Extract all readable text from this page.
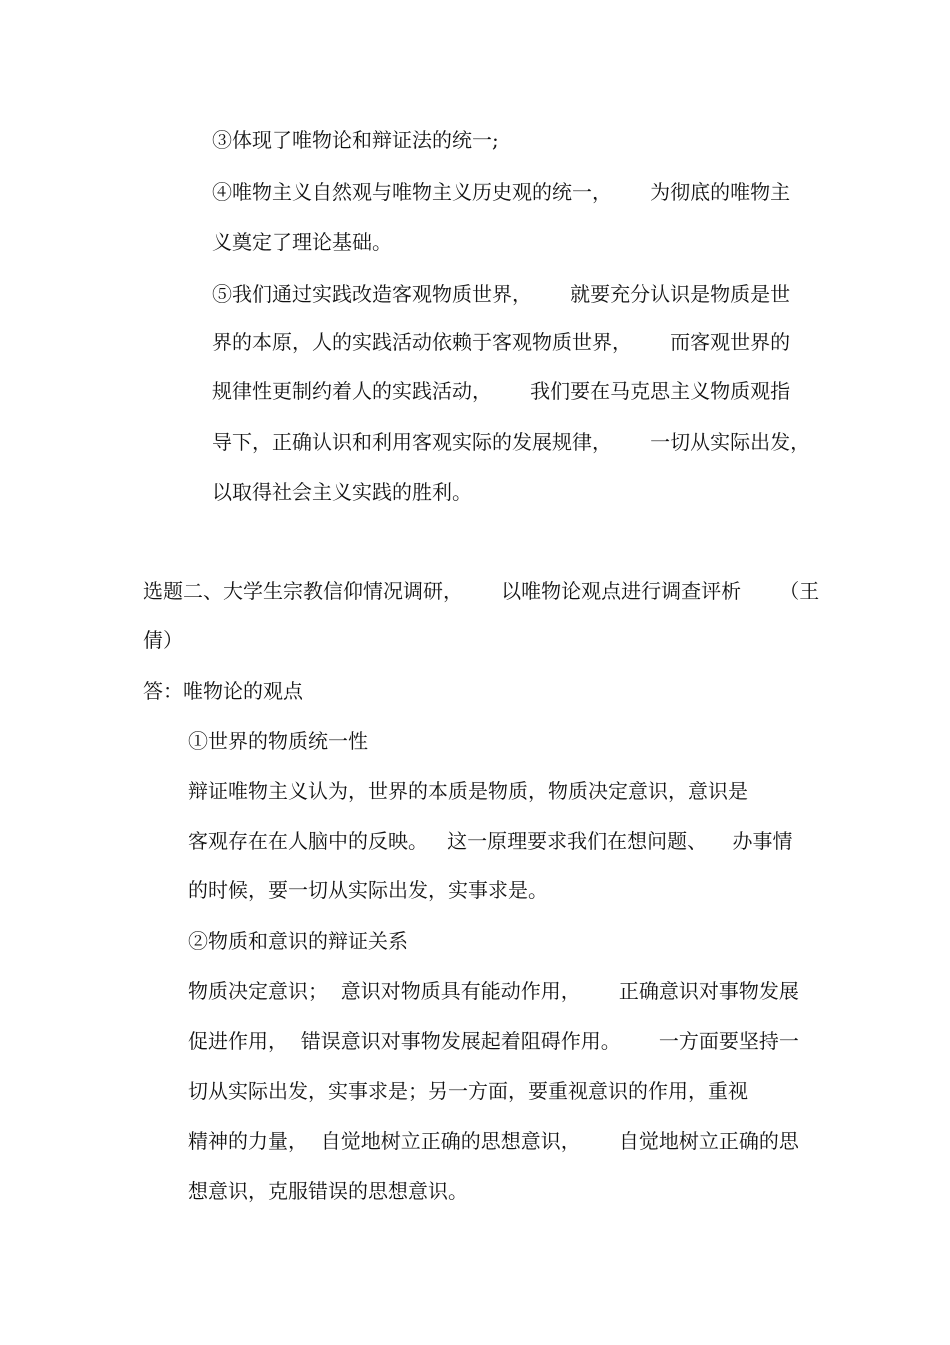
③体现了唯物论和辩证法的统一;

④唯物主义自然观与唯物主义历史观的统一，      为彻底的唯物主

义奠定了理论基础。

⑤我们通过实践改造客观物质世界，      就要充分认识是物质是世

界的本原，人的实践活动依赖于客观物质世界，      而客观世界的

规律性更制约着人的实践活动，      我们要在马克思主义物质观指

导下，正确认识和利用客观实际的发展规律，      一切从实际出发，

以取得社会主义实践的胜利。

选题二、大学生宗教信仰情况调研，      以唯物论观点进行调查评析      （王

倩）

答：唯物论的观点

①世界的物质统一性

辩证唯物主义认为，世界的本质是物质，物质决定意识，意识是

客观存在在人脑中的反映。   这一原理要求我们在想问题、    办事情

的时候，要一切从实际出发，实事求是。

②物质和意识的辩证关系

物质决定意识；  意识对物质具有能动作用，      正确意识对事物发展

促进作用，  错误意识对事物发展起着阻碍作用。      一方面要坚持一

切从实际出发，实事求是；另一方面，要重视意识的作用，重视

精神的力量，  自觉地树立正确的思想意识，      自觉地树立正确的思

想意识，克服错误的思想意识。
